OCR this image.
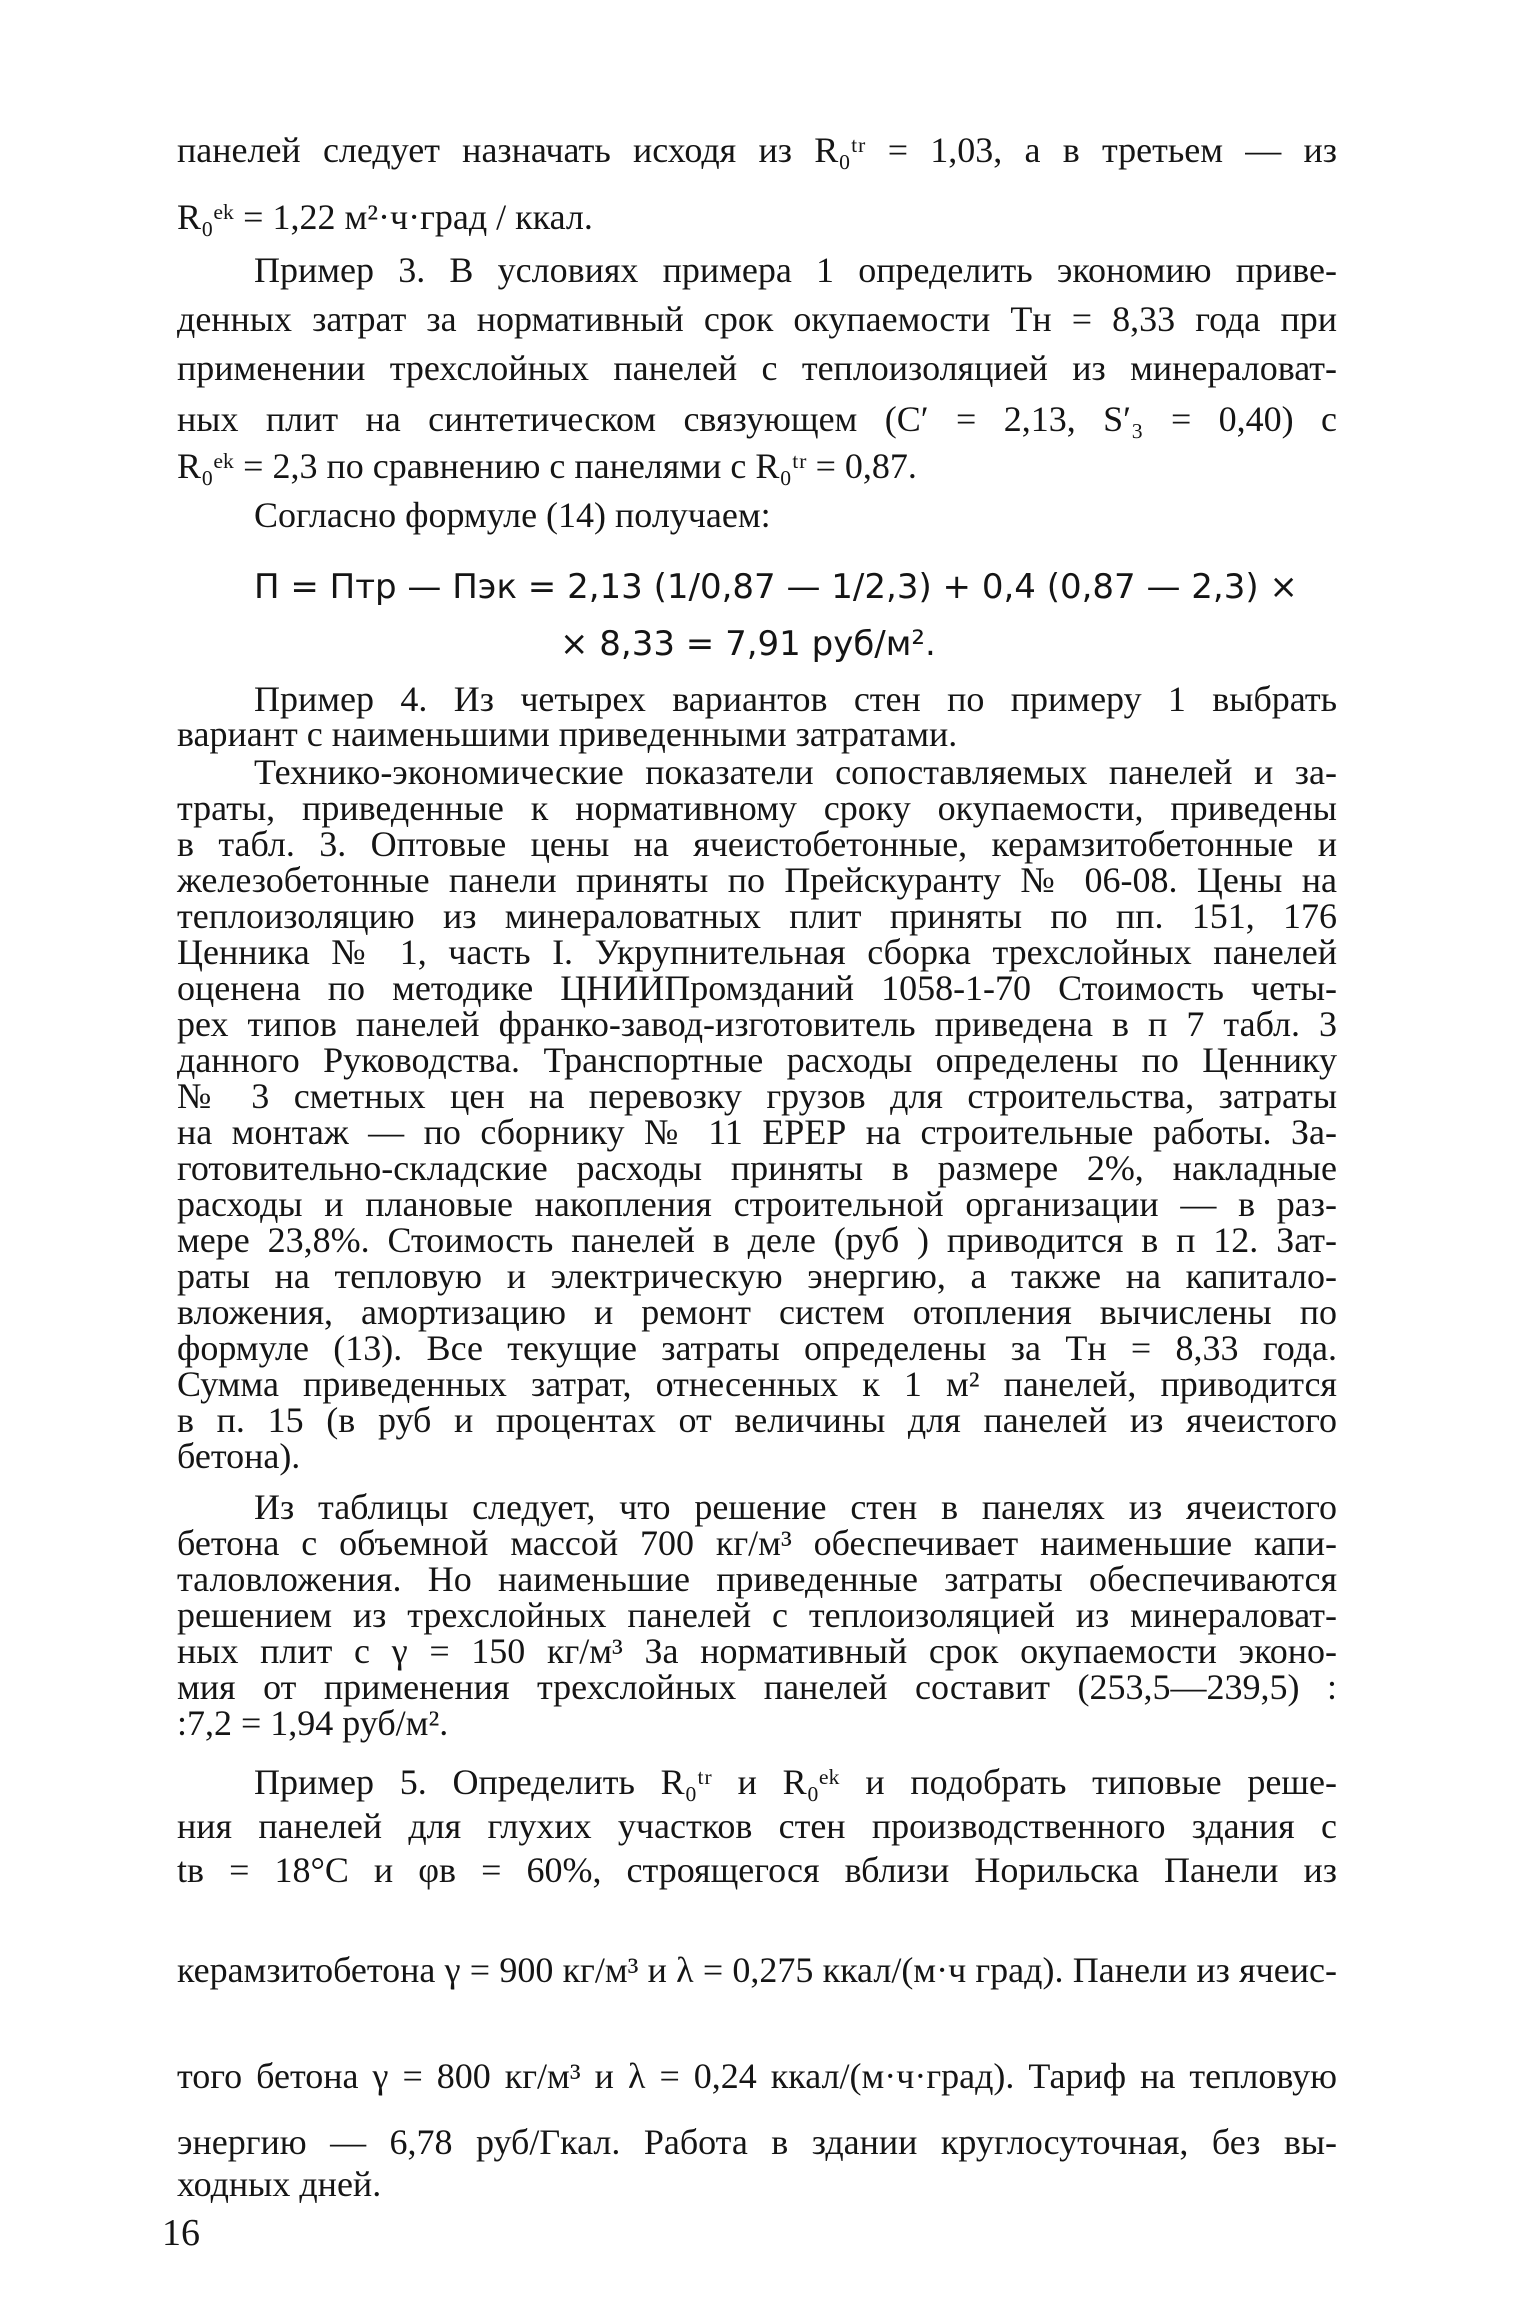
панелей следует назначать исходя из R₀ᵗʳ = 1,03, а в третьем — из
R₀ᵉᵏ = 1,22 м²·ч·град / ккал.
Пример 3. В условиях примера 1 определить экономию приве-
денных затрат за нормативный срок окупаемости Тн = 8,33 года при
применении трехслойных панелей с теплоизоляцией из минераловат-
ных плит на синтетическом связующем (C′ = 2,13, S′₃ = 0,40) с
R₀ᵉᵏ = 2,3 по сравнению с панелями с R₀ᵗʳ = 0,87.
Согласно формуле (14) получаем:
П = Птр — Пэк = 2,13 (1/0,87 — 1/2,3) + 0,4 (0,87 — 2,3) ×
× 8,33 = 7,91 руб/м².
Пример 4. Из четырех вариантов стен по примеру 1 выбрать
вариант с наименьшими приведенными затратами.
Технико-экономические показатели сопоставляемых панелей и за-
траты, приведенные к нормативному сроку окупаемости, приведены
в табл. 3. Оптовые цены на ячеистобетонные, керамзитобетонные и
железобетонные панели приняты по Прейскуранту № 06-08. Цены на
теплоизоляцию из минераловатных плит приняты по пп. 151, 176
Ценника № 1, часть I. Укрупнительная сборка трехслойных панелей
оценена по методике ЦНИИПромзданий 1058-1-70 Стоимость четы-
рех типов панелей франко-завод-изготовитель приведена в п 7 табл. 3
данного Руководства. Транспортные расходы определены по Ценнику
№ 3 сметных цен на перевозку грузов для строительства, затраты
на монтаж — по сборнику № 11 ЕРЕР на строительные работы. За-
готовительно-складские расходы приняты в размере 2%, накладные
расходы и плановые накопления строительной организации — в раз-
мере 23,8%. Стоимость панелей в деле (руб ) приводится в п 12. Зат-
раты на тепловую и электрическую энергию, а также на капитало-
вложения, амортизацию и ремонт систем отопления вычислены по
формуле (13). Все текущие затраты определены за Тн = 8,33 года.
Сумма приведенных затрат, отнесенных к 1 м² панелей, приводится
в п. 15 (в руб и процентах от величины для панелей из ячеистого
бетона).
Из таблицы следует, что решение стен в панелях из ячеистого
бетона с объемной массой 700 кг/м³ обеспечивает наименьшие капи-
таловложения. Но наименьшие приведенные затраты обеспечиваются
решением из трехслойных панелей с теплоизоляцией из минераловат-
ных плит с γ = 150 кг/м³ За нормативный срок окупаемости эконо-
мия от применения трехслойных панелей составит (253,5—239,5) :
:7,2 = 1,94 руб/м².
Пример 5. Определить R₀ᵗʳ и R₀ᵉᵏ и подобрать типовые реше-
ния панелей для глухих участков стен производственного здания с
tв = 18°С и φв = 60%, строящегося вблизи Норильска Панели из
керамзитобетона γ = 900 кг/м³ и λ = 0,275 ккал/(м·ч град). Панели из ячеис-
того бетона γ = 800 кг/м³ и λ = 0,24 ккал/(м·ч·град). Тариф на тепловую
энергию — 6,78 руб/Гкал. Работа в здании круглосуточная, без вы-
ходных дней.
16
